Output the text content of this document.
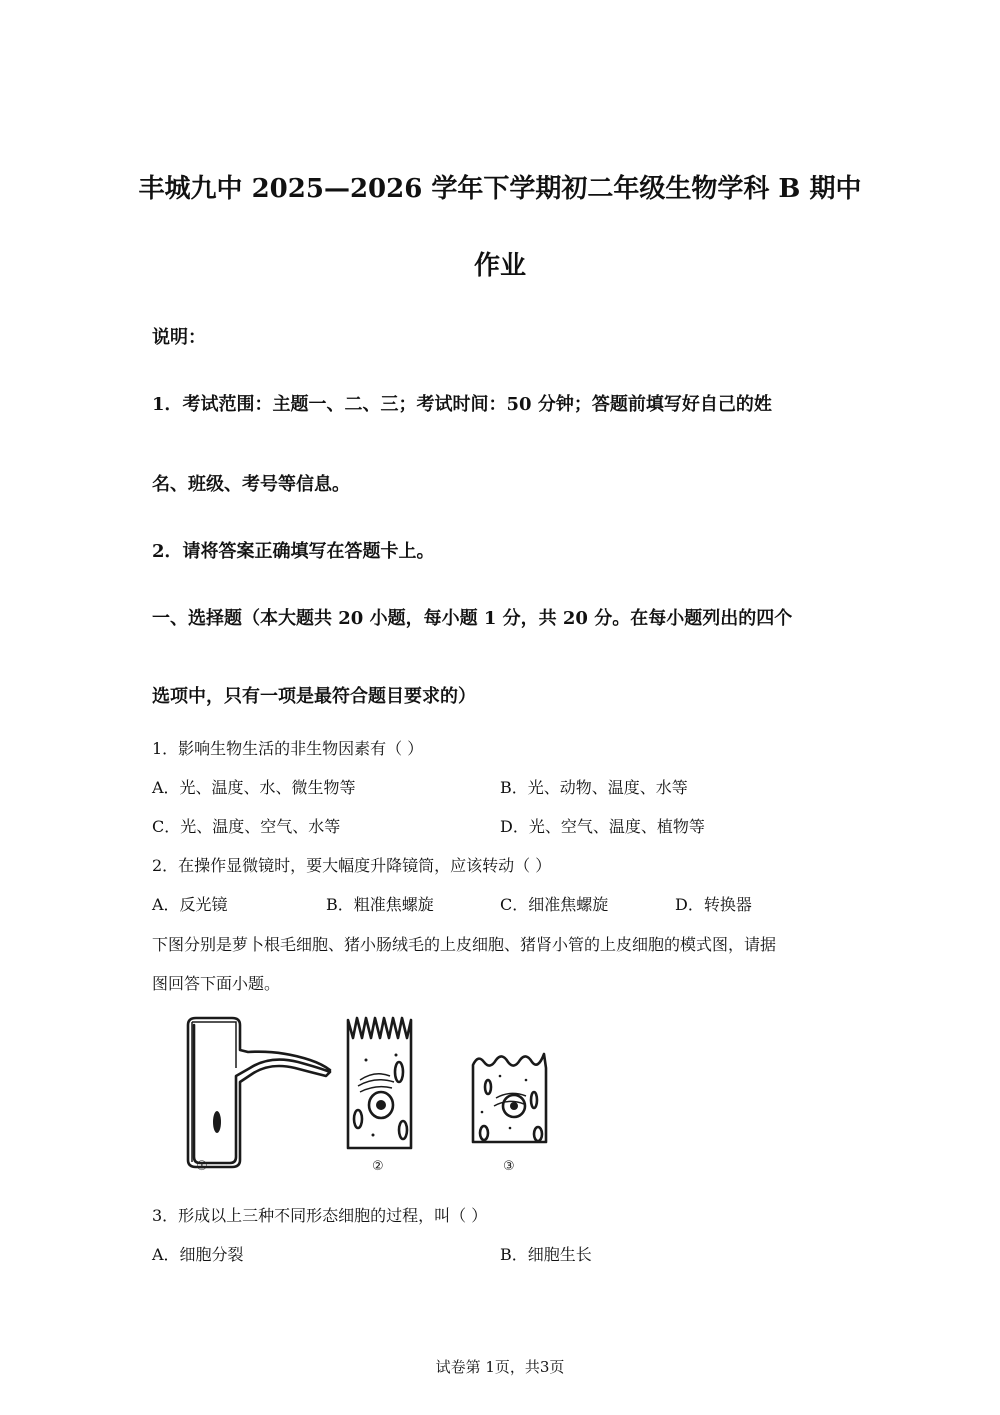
丰城九中 2025—2026 学年下学期初二年级生物学科 B 期中
作业
说明：
1．考试范围：主题一、二、三；考试时间：50 分钟；答题前填写好自己的姓
名、班级、考号等信息。
2．请将答案正确填写在答题卡上。
一、选择题（本大题共 20 小题，每小题 1 分，共 20 分。在每小题列出的四个
选项中，只有一项是最符合题目要求的）
1．影响生物生活的非生物因素有（ ）
A．光、温度、水、微生物等	B．光、动物、温度、水等
C．光、温度、空气、水等	D．光、空气、温度、植物等
2．在操作显微镜时，要大幅度升降镜筒，应该转动（ ）
A．反光镜	B．粗准焦螺旋	C．细准焦螺旋	D．转换器
下图分别是萝卜根毛细胞、猪小肠绒毛的上皮细胞、猪肾小管的上皮细胞的模式图，请据
图回答下面小题。
①	②	③
3．形成以上三种不同形态细胞的过程，叫（ ）
A．细胞分裂	B．细胞生长
试卷第 1页，共3页
